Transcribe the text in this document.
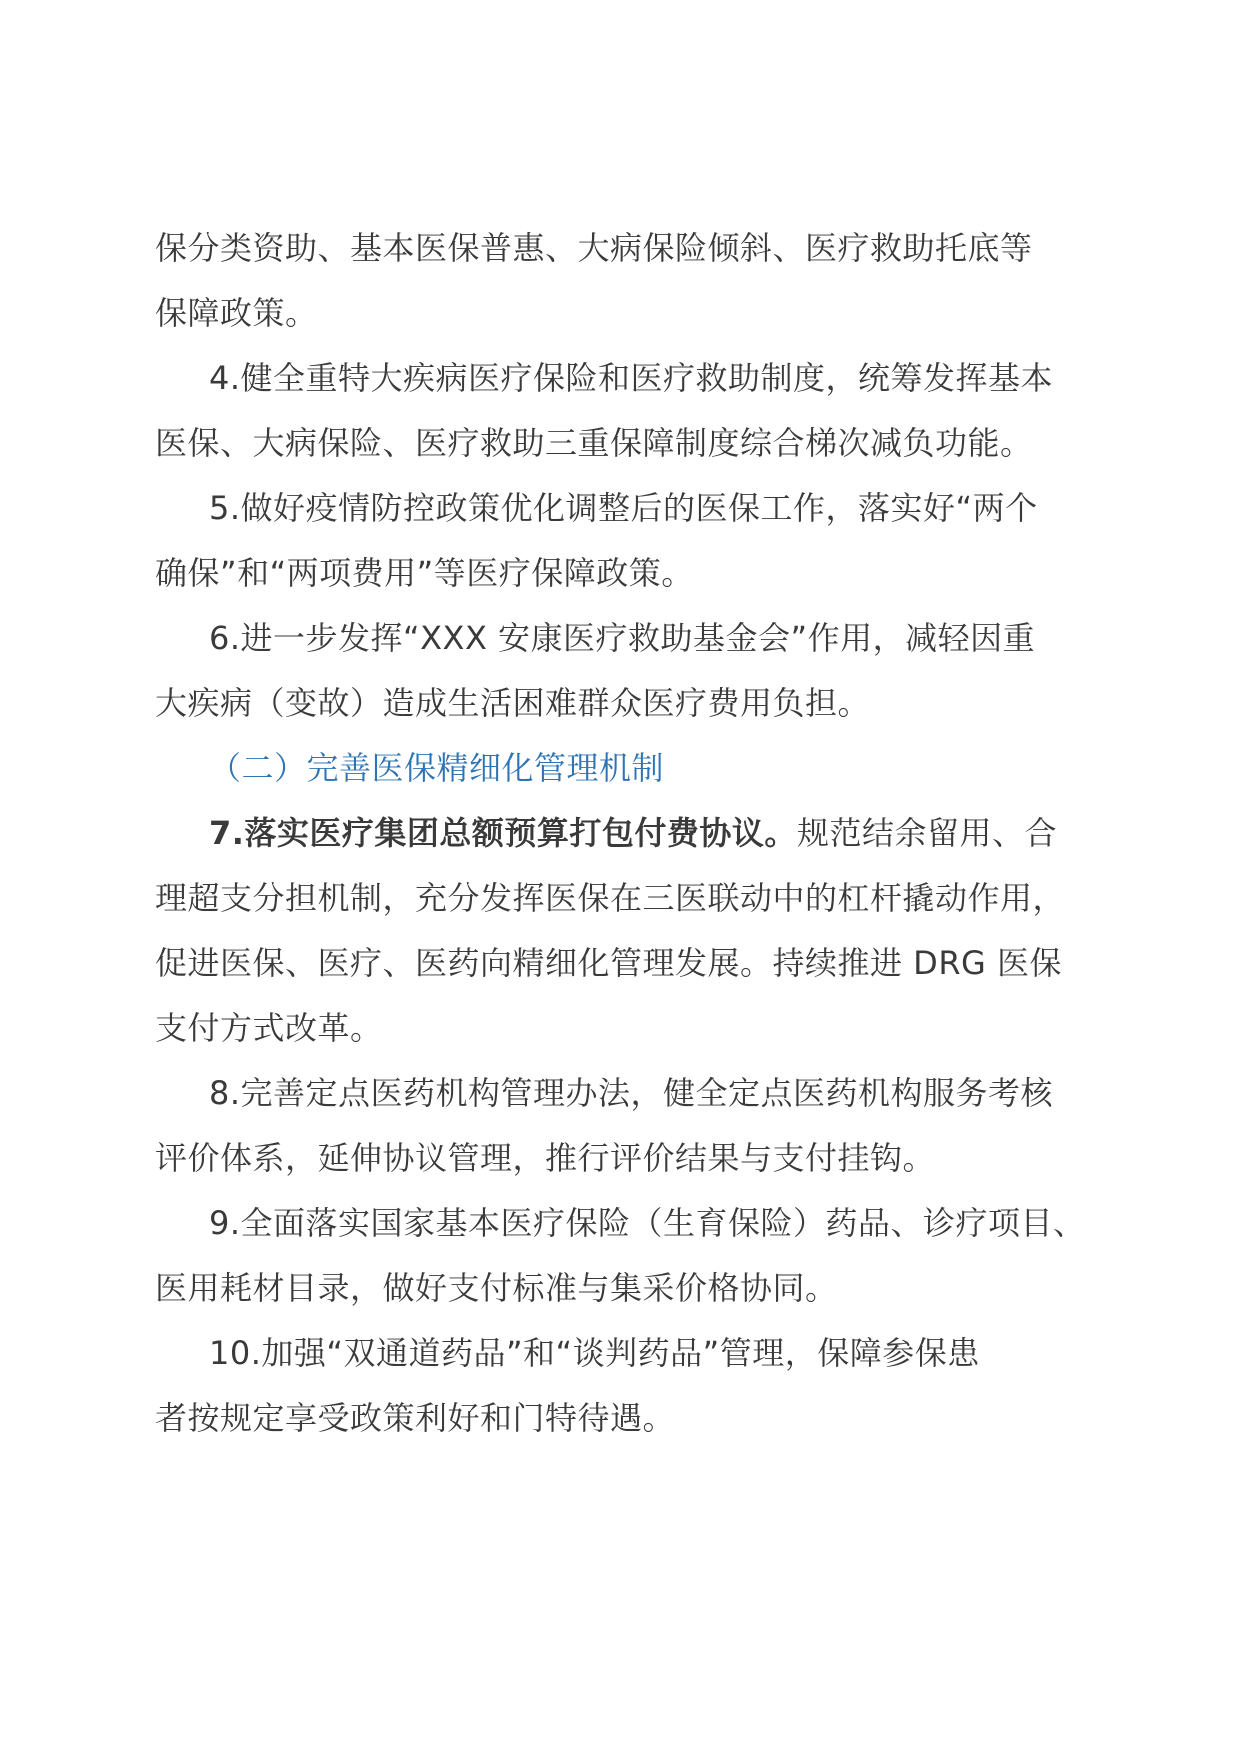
保分类资助、基本医保普惠、大病保险倾斜、医疗救助托底等
保障政策。
4.健全重特大疾病医疗保险和医疗救助制度，统筹发挥基本
医保、大病保险、医疗救助三重保障制度综合梯次减负功能。
5.做好疫情防控政策优化调整后的医保工作，落实好“两个
确保”和“两项费用”等医疗保障政策。
6.进一步发挥“XXX 安康医疗救助基金会”作用，减轻因重
大疾病（变故）造成生活困难群众医疗费用负担。
（二）完善医保精细化管理机制
7.落实医疗集团总额预算打包付费协议。规范结余留用、合
理超支分担机制，充分发挥医保在三医联动中的杠杆撬动作用，
促进医保、医疗、医药向精细化管理发展。持续推进 DRG 医保
支付方式改革。
8.完善定点医药机构管理办法，健全定点医药机构服务考核
评价体系，延伸协议管理，推行评价结果与支付挂钩。
9.全面落实国家基本医疗保险（生育保险）药品、诊疗项目、
医用耗材目录，做好支付标准与集采价格协同。
10.加强“双通道药品”和“谈判药品”管理，保障参保患
者按规定享受政策利好和门特待遇。
